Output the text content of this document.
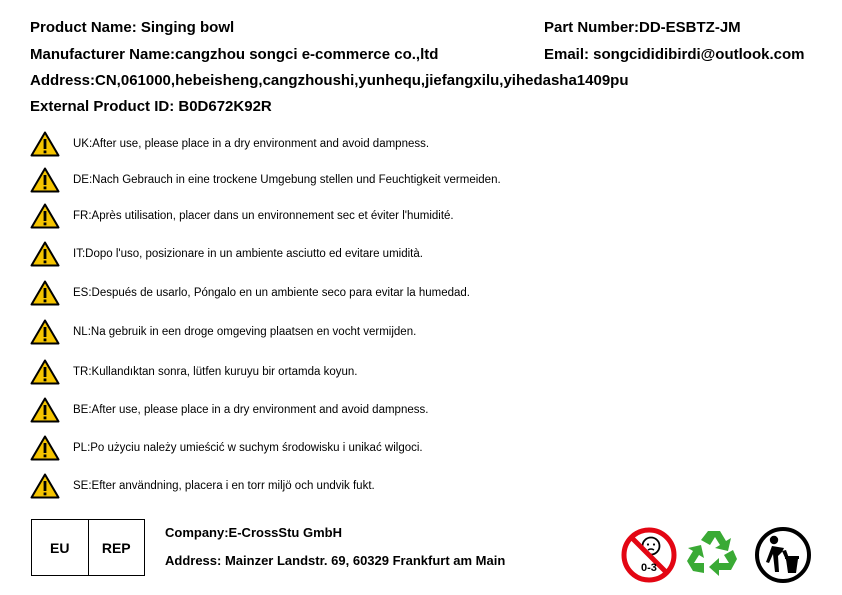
Product Name: Singing bowl	Part Number:DD-ESBTZ-JM
Manufacturer Name:cangzhou songci e-commerce co.,ltd	Email: songcididibirdi@outlook.com
Address:CN,061000,hebeisheng,cangzhoushi,yunhequ,jiefangxilu,yihedasha1409pu
External Product ID: B0D672K92R
UK:After use, please place in a dry environment and avoid dampness.
DE:Nach Gebrauch in eine trockene Umgebung stellen und Feuchtigkeit vermeiden.
FR:Après utilisation, placer dans un environnement sec et éviter l'humidité.
IT:Dopo l'uso, posizionare in un ambiente asciutto ed evitare umidità.
ES:Después de usarlo, Póngalo en un ambiente seco para evitar la humedad.
NL:Na gebruik in een droge omgeving plaatsen en vocht vermijden.
TR:Kullandıktan sonra, lütfen kuruyu bir ortamda koyun.
BE:After use, please place in a dry environment and avoid dampness.
PL:Po użyciu należy umieścić w suchym środowisku i unikać wilgoci.
SE:Efter användning, placera i en torr miljö och undvik fukt.
EU	REP
Company:E-CrossStu GmbH
Address: Mainzer Landstr. 69, 60329 Frankfurt am Main	0-3
